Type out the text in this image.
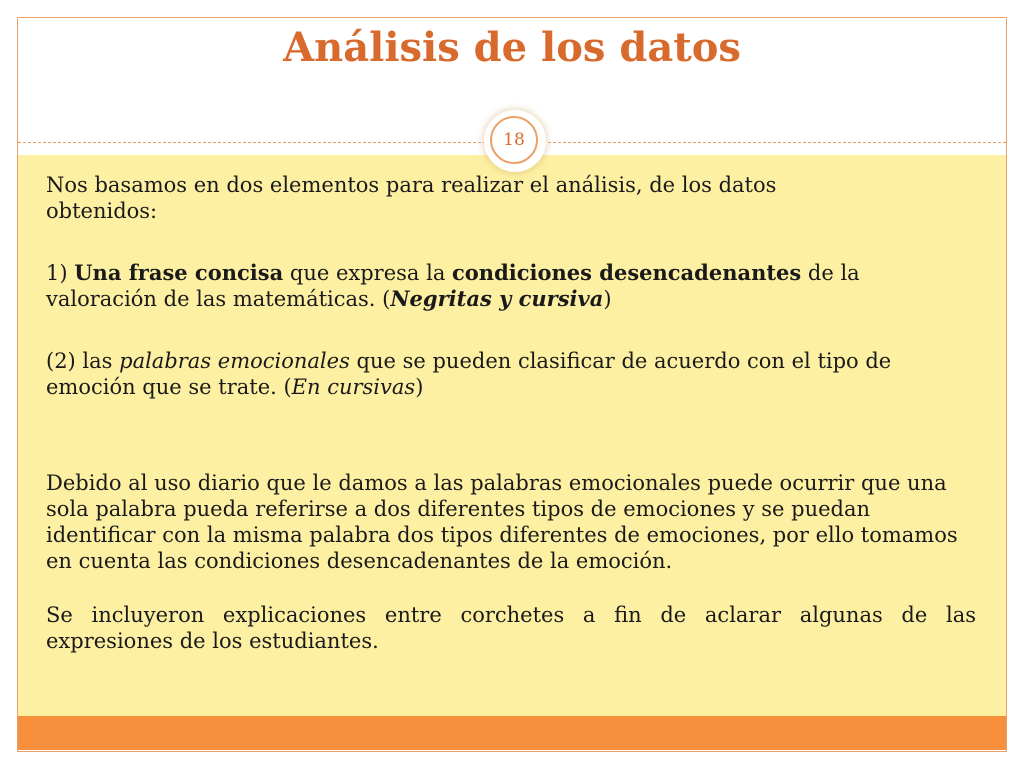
Análisis de los datos
18

Nos basamos en dos elementos para realizar el análisis, de los datos obtenidos:

1) Una frase concisa que expresa la condiciones desencadenantes de la valoración de las matemáticas. (Negritas y cursiva)

(2) las palabras emocionales que se pueden clasificar de acuerdo con el tipo de emoción que se trate. (En cursivas)

Debido al uso diario que le damos a las palabras emocionales puede ocurrir que una sola palabra pueda referirse a dos diferentes tipos de emociones y se puedan identificar con la misma palabra dos tipos diferentes de emociones, por ello tomamos en cuenta las condiciones desencadenantes de la emoción.

Se incluyeron explicaciones entre corchetes a fin de aclarar algunas de las expresiones de los estudiantes.
